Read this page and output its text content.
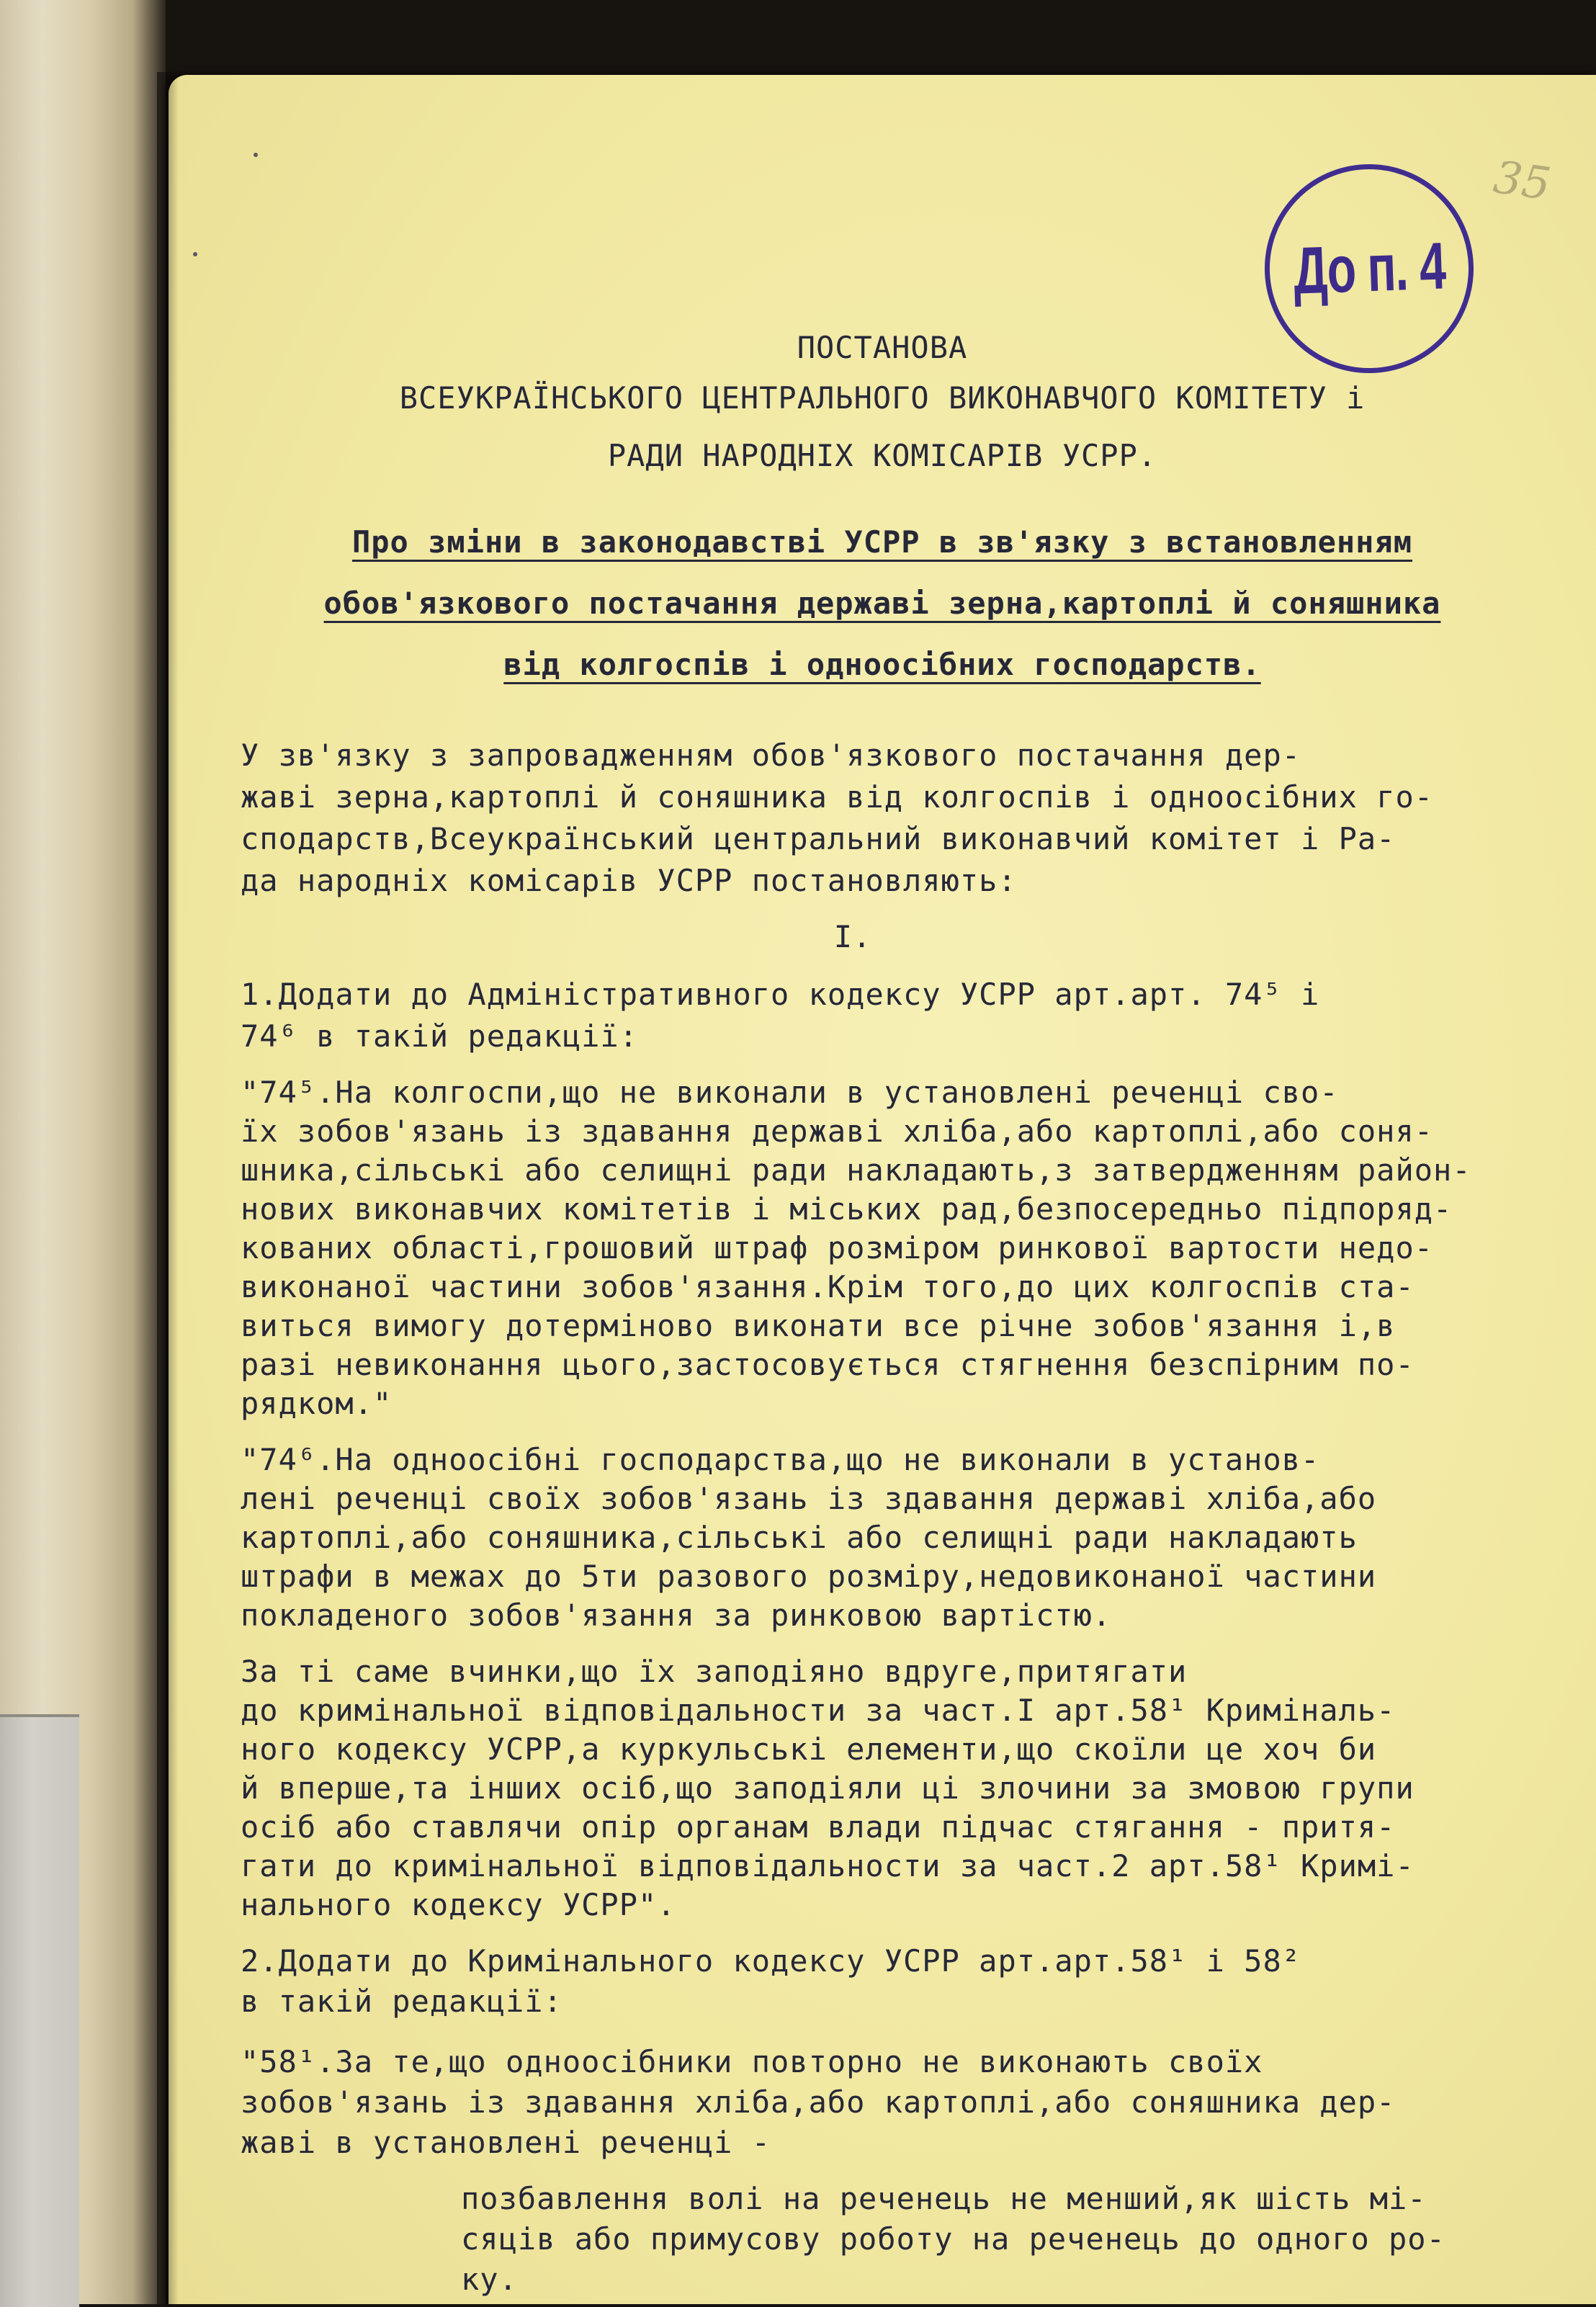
35
До п. 4
ПОСТАНОВА
ВСЕУКРАЇНСЬКОГО ЦЕНТРАЛЬНОГО ВИКОНАВЧОГО КОМІТЕТУ і
РАДИ НАРОДНІХ КОМІСАРІВ УСРР.
Про зміни в законодавстві УСРР в зв'язку з встановленням
обов'язкового постачання державі зерна,картоплі й соняшника
від колгоспів і одноосібних господарств.
У зв'язку з запровадженням обов'язкового постачання дер-
жаві зерна,картоплі й соняшника від колгоспів і одноосібних го-
сподарств,Всеукраїнський центральний виконавчий комітет і Ра-
да народніх комісарів УСРР постановляють:
I.
1.Додати до Адміністративного кодексу УСРР арт.арт. 74⁵ і
74⁶ в такій редакції:
"74⁵.На колгоспи,що не виконали в установлені реченці сво-
їх зобов'язань із здавання державі хліба,або картоплі,або соня-
шника,сільські або селищні ради накладають,з затвердженням район-
нових виконавчих комітетів і міських рад,безпосередньо підпоряд-
кованих області,грошовий штраф розміром ринкової вартости недо-
виконаної частини зобов'язання.Крім того,до цих колгоспів ста-
виться вимогу дотерміново виконати все річне зобов'язання і,в
разі невиконання цього,застосовується стягнення безспірним по-
рядком."
"74⁶.На одноосібні господарства,що не виконали в установ-
лені реченці своїх зобов'язань із здавання державі хліба,або
картоплі,або соняшника,сільські або селищні ради накладають
штрафи в межах до 5ти разового розміру,недовиконаної частини
покладеного зобов'язання за ринковою вартістю.
За ті саме вчинки,що їх заподіяно вдруге,притягати
до кримінальної відповідальности за част.I арт.58¹ Криміналь-
ного кодексу УСРР,а куркульські елементи,що скоїли це хоч би
й вперше,та інших осіб,що заподіяли ці злочини за змовою групи
осіб або ставлячи опір органам влади підчас стягання - притя-
гати до кримінальної відповідальности за част.2 арт.58¹ Кримі-
нального кодексу УСРР".
2.Додати до Кримінального кодексу УСРР арт.арт.58¹ і 58²
в такій редакції:
"58¹.За те,що одноосібники повторно не виконають своїх
зобов'язань із здавання хліба,або картоплі,або соняшника дер-
жаві в установлені реченці -
позбавлення волі на реченець не менший,як шість мі-
сяців або примусову роботу на реченець до одного ро-
ку.
